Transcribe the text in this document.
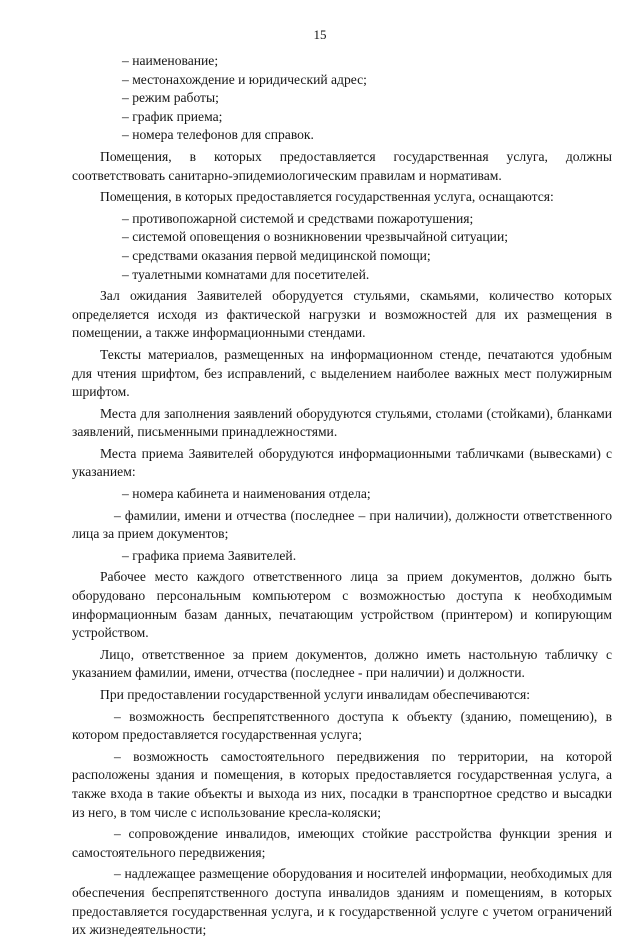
15

– наименование;

– местонахождение и юридический адрес;

– режим работы;

– график приема;

– номера телефонов для справок.

Помещения, в которых предоставляется государственная услуга, должны соответствовать санитарно-эпидемиологическим правилам и нормативам.

Помещения, в которых предоставляется государственная услуга, оснащаются:

– противопожарной системой и средствами пожаротушения;

– системой оповещения о возникновении чрезвычайной ситуации;

– средствами оказания первой медицинской помощи;

– туалетными комнатами для посетителей.

Зал ожидания Заявителей оборудуется стульями, скамьями, количество которых определяется исходя из фактической нагрузки и возможностей для их размещения в помещении, а также информационными стендами.

Тексты материалов, размещенных на информационном стенде, печатаются удобным для чтения шрифтом, без исправлений, с выделением наиболее важных мест полужирным шрифтом.

Места для заполнения заявлений оборудуются стульями, столами (стойками), бланками заявлений, письменными принадлежностями.

Места приема Заявителей оборудуются информационными табличками (вывесками) с указанием:

– номера кабинета и наименования отдела;

– фамилии, имени и отчества (последнее – при наличии), должности ответственного лица за прием документов;

– графика приема Заявителей.

Рабочее место каждого ответственного лица за прием документов, должно быть оборудовано персональным компьютером с возможностью доступа к необходимым информационным базам данных, печатающим устройством (принтером) и копирующим устройством.

Лицо, ответственное за прием документов, должно иметь настольную табличку с указанием фамилии, имени, отчества (последнее - при наличии) и должности.

При предоставлении государственной услуги инвалидам обеспечиваются:

– возможность беспрепятственного доступа к объекту (зданию, помещению), в котором предоставляется государственная услуга;

– возможность самостоятельного передвижения по территории, на которой расположены здания и помещения, в которых предоставляется государственная услуга, а также входа в такие объекты и выхода из них, посадки в транспортное средство и высадки из него, в том числе с использование кресла-коляски;

– сопровождение инвалидов, имеющих стойкие расстройства функции зрения и самостоятельного передвижения;

– надлежащее размещение оборудования и носителей информации, необходимых для обеспечения беспрепятственного доступа инвалидов зданиям и помещениям, в которых предоставляется государственная услуга, и к государственной услуге с учетом ограничений их жизнедеятельности;
